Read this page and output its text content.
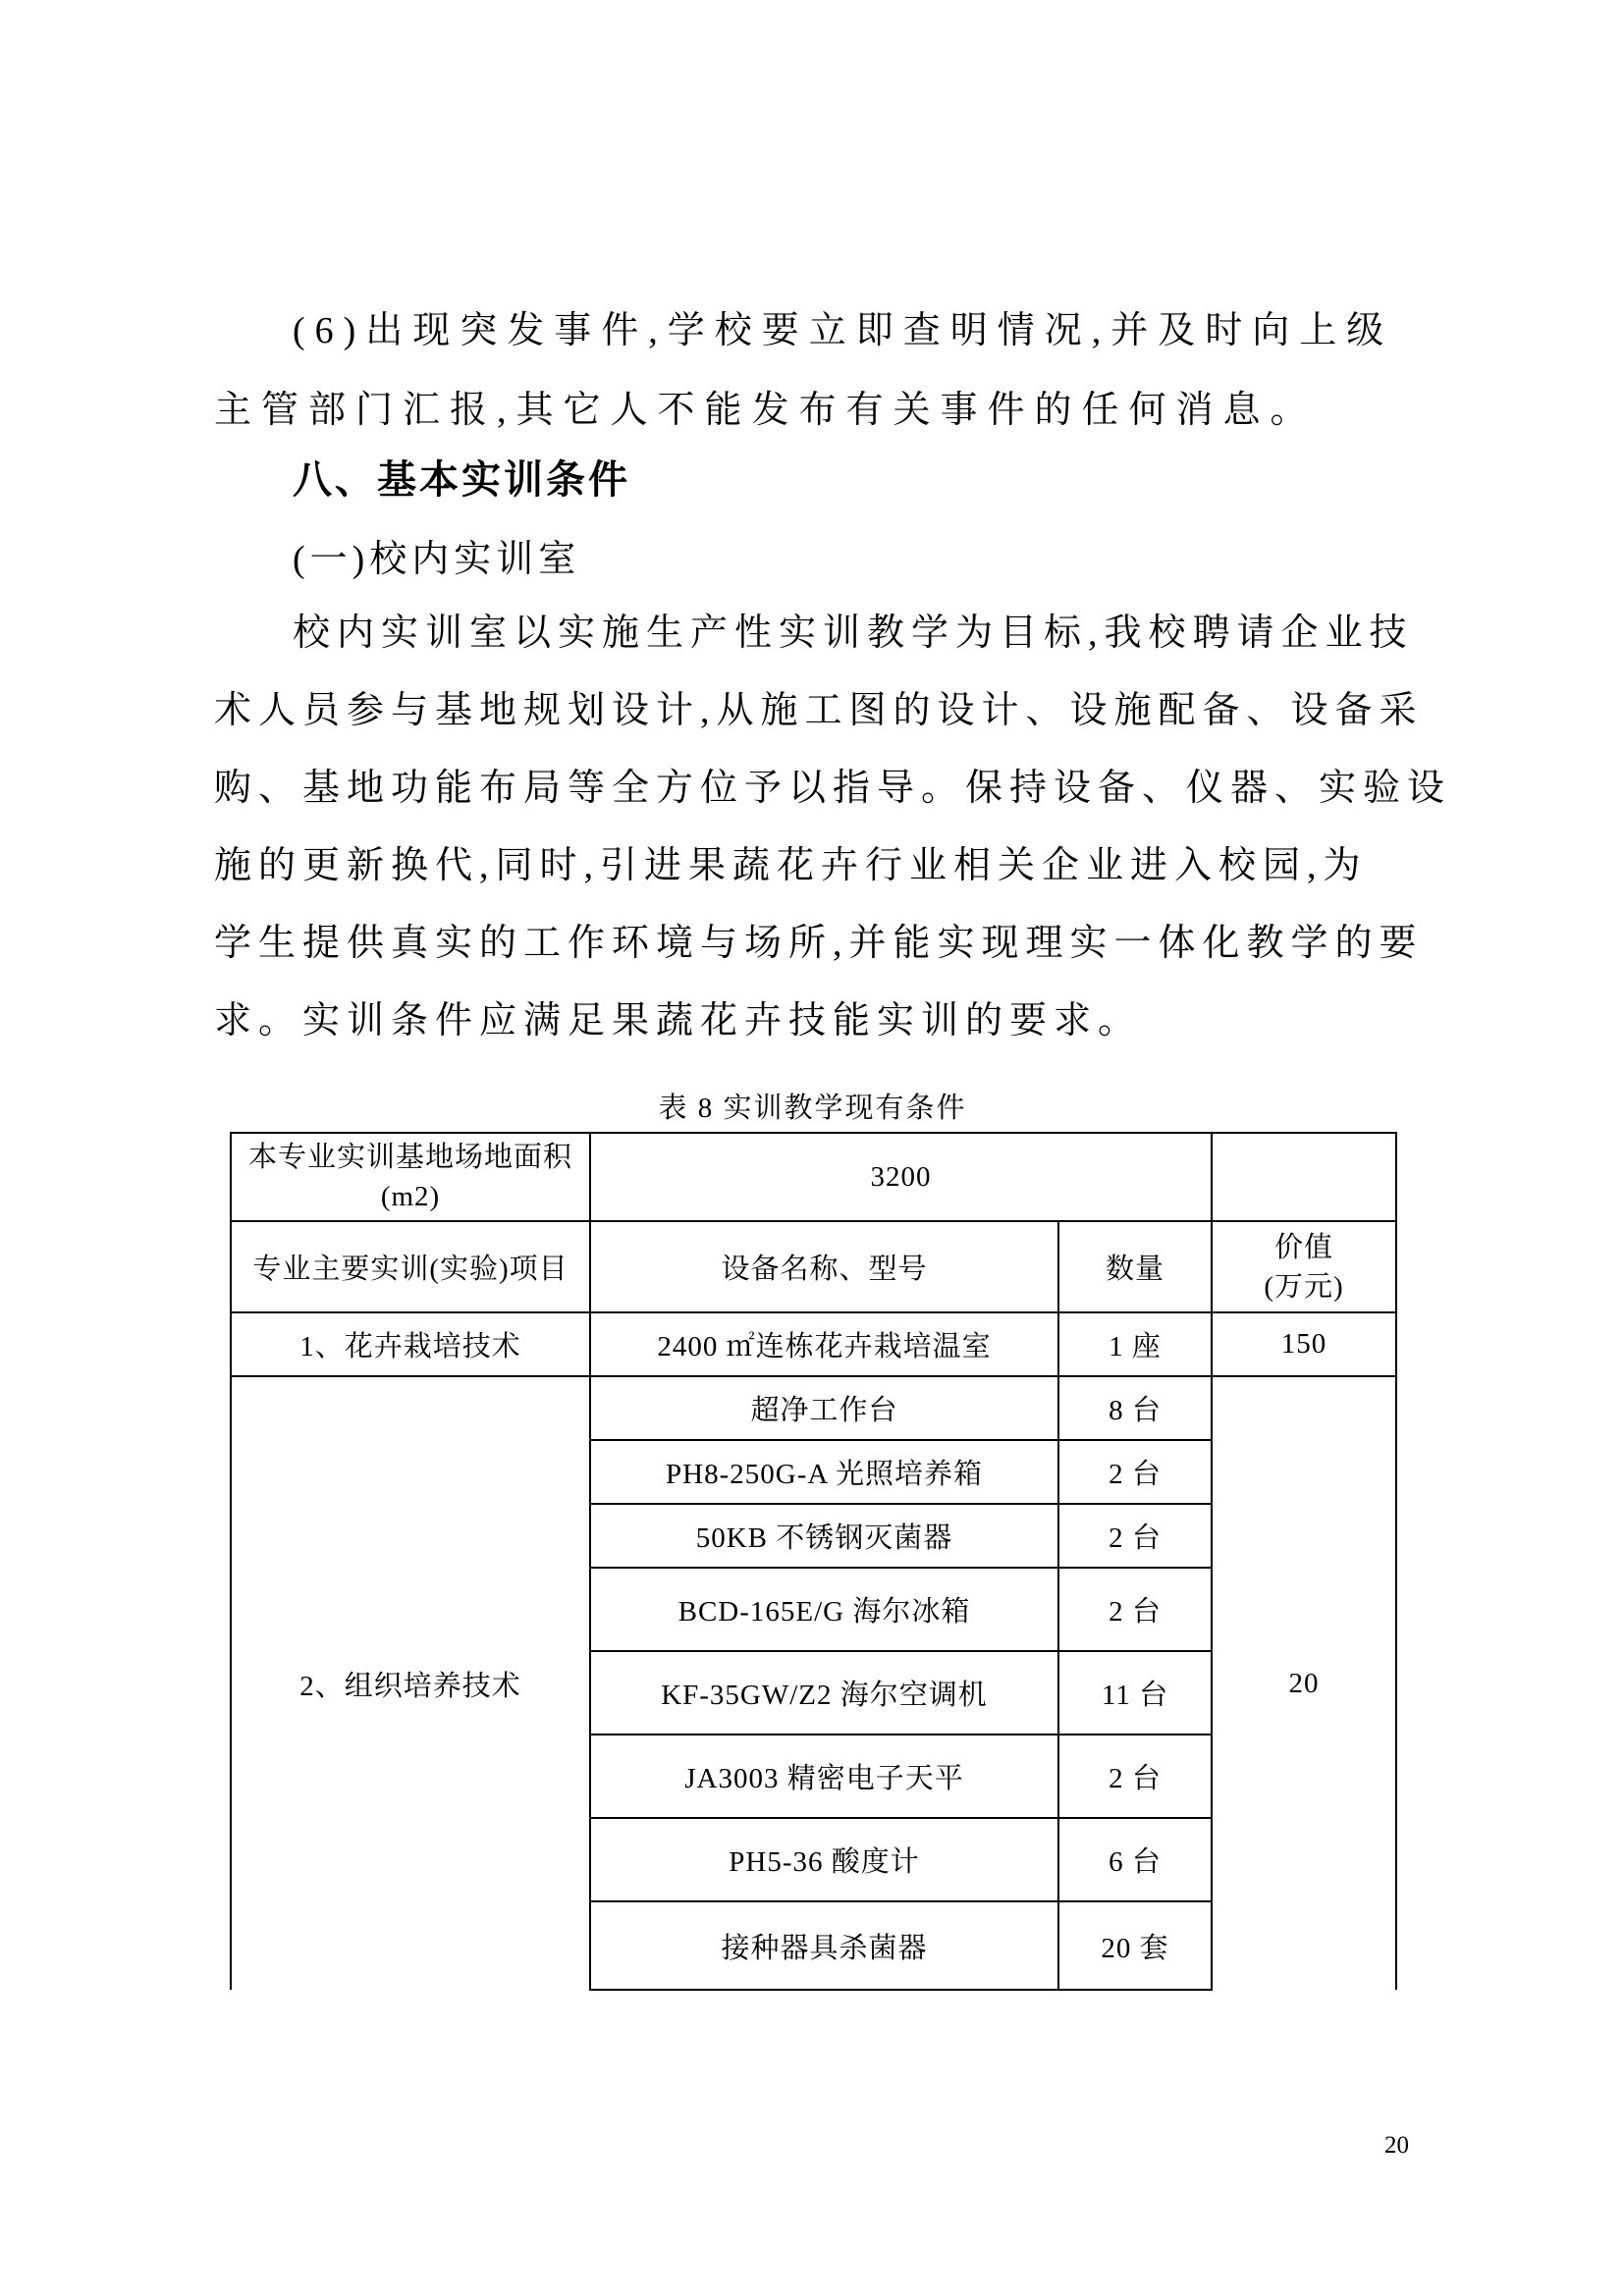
(6)出现突发事件,学校要立即查明情况,并及时向上级
主管部门汇报,其它人不能发布有关事件的任何消息。
八、基本实训条件
(一)校内实训室
校内实训室以实施生产性实训教学为目标,我校聘请企业技
术人员参与基地规划设计,从施工图的设计、设施配备、设备采
购、基地功能布局等全方位予以指导。保持设备、仪器、实验设
施的更新换代,同时,引进果蔬花卉行业相关企业进入校园,为
学生提供真实的工作环境与场所,并能实现理实一体化教学的要
求。实训条件应满足果蔬花卉技能实训的要求。
表 8 实训教学现有条件
本专业实训基地场地面积
(m2)	3200		
专业主要实训(实验)项目	设备名称、型号	数量	价值
(万元)

1、花卉栽培技术	2400 ㎡连栋花卉栽培温室	1 座	150
2、组织培养技术	超净工作台	8 台	20
	PH8-250G-A 光照培养箱	2 台	
	50KB 不锈钢灭菌器	2 台	
	BCD-165E/G 海尔冰箱	2 台	
	KF-35GW/Z2 海尔空调机	11 台	
	JA3003 精密电子天平	2 台	
	PH5-36 酸度计	6 台	
	接种器具杀菌器	20 套	
20
